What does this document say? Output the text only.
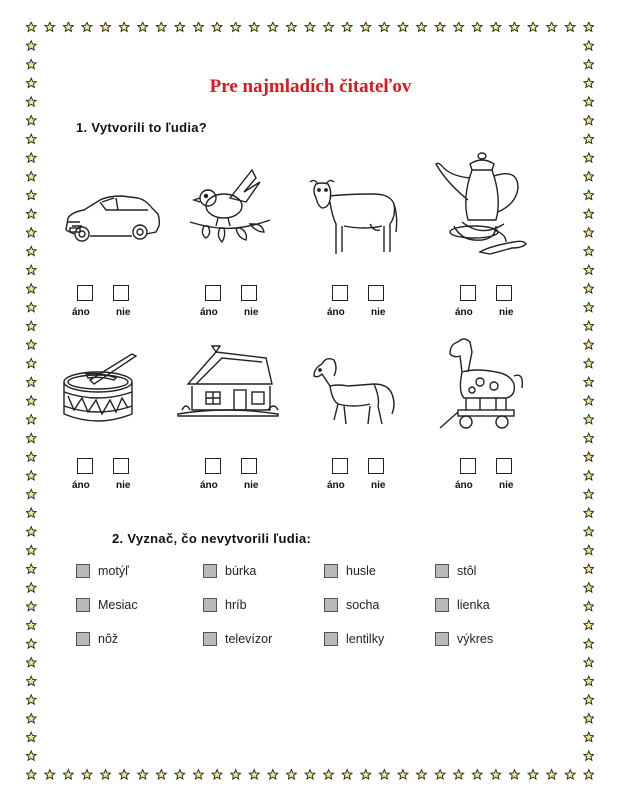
Pre najmladích čitateľov
1. Vytvorili to ľudia?
áno	nie	áno	nie	áno	nie	áno	nie
áno	nie	áno	nie	áno	nie	áno	nie
2. Vyznač, čo nevytvorili ľudia:
motýľ	búrka	husle	stôl
Mesiac	hríb	socha	lienka
nôž	televízor	lentilky	výkres
